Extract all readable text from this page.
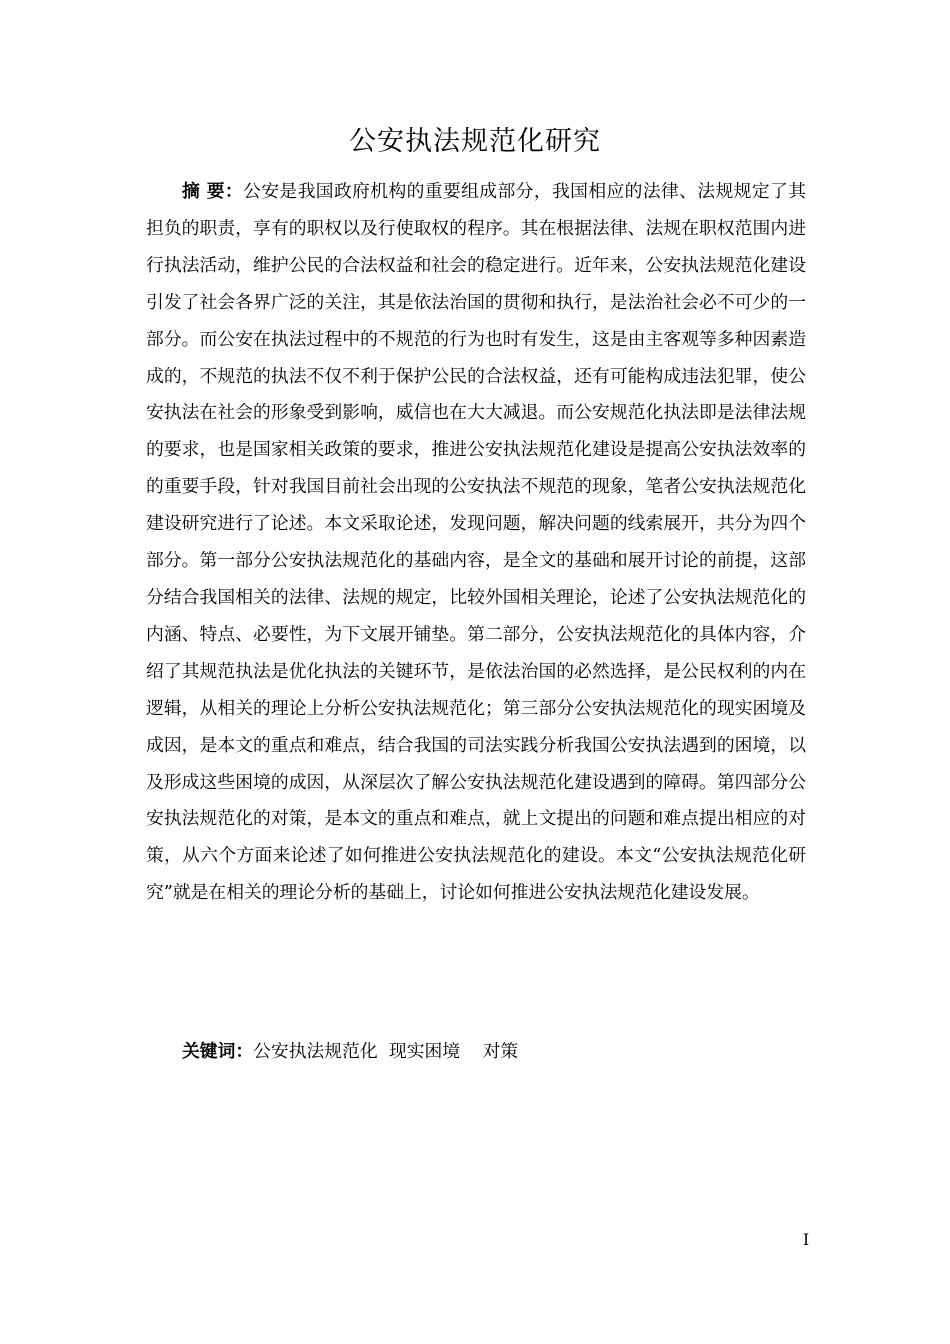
公安执法规范化研究

摘 要：公安是我国政府机构的重要组成部分，我国相应的法律、法规规定了其担负的职责，享有的职权以及行使取权的程序。其在根据法律、法规在职权范围内进行执法活动，维护公民的合法权益和社会的稳定进行。近年来，公安执法规范化建设引发了社会各界广泛的关注，其是依法治国的贯彻和执行，是法治社会必不可少的一部分。而公安在执法过程中的不规范的行为也时有发生，这是由主客观等多种因素造成的，不规范的执法不仅不利于保护公民的合法权益，还有可能构成违法犯罪，使公安执法在社会的形象受到影响，威信也在大大减退。而公安规范化执法即是法律法规的要求，也是国家相关政策的要求，推进公安执法规范化建设是提高公安执法效率的的重要手段，针对我国目前社会出现的公安执法不规范的现象，笔者公安执法规范化建设研究进行了论述。本文采取论述，发现问题，解决问题的线索展开，共分为四个部分。第一部分公安执法规范化的基础内容，是全文的基础和展开讨论的前提，这部分结合我国相关的法律、法规的规定，比较外国相关理论，论述了公安执法规范化的内涵、特点、必要性，为下文展开铺垫。第二部分，公安执法规范化的具体内容，介绍了其规范执法是优化执法的关键环节，是依法治国的必然选择，是公民权利的内在逻辑，从相关的理论上分析公安执法规范化；第三部分公安执法规范化的现实困境及成因，是本文的重点和难点，结合我国的司法实践分析我国公安执法遇到的困境，以及形成这些困境的成因，从深层次了解公安执法规范化建设遇到的障碍。第四部分公安执法规范化的对策，是本文的重点和难点，就上文提出的问题和难点提出相应的对策，从六个方面来论述了如何推进公安执法规范化的建设。本文“公安执法规范化研究”就是在相关的理论分析的基础上，讨论如何推进公安执法规范化建设发展。

关键词：公安执法规范化  现实困境    对策
I
